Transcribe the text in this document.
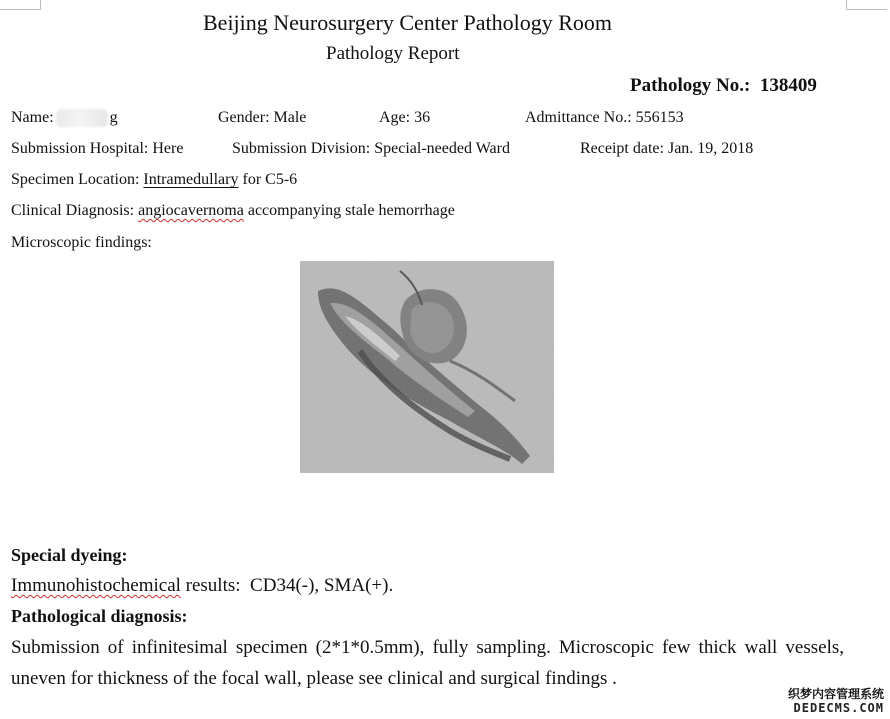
Beijing Neurosurgery Center Pathology Room
Pathology Report
Pathology No.: 138409
Name:	g	Gender: Male	Age: 36	Admittance No.: 556153
Submission Hospital: Here	Submission Division: Special-needed Ward	Receipt date: Jan. 19, 2018
Specimen Location: Intramedullary for C5-6
Clinical Diagnosis: angiocavernoma accompanying stale hemorrhage
Microscopic findings:
Special dyeing:
Immunohistochemical results: CD34(-), SMA(+).
Pathological diagnosis:
Submission of infinitesimal specimen (2*1*0.5mm), fully sampling. Microscopic few thick wall vessels, uneven for thickness of the focal wall, please see clinical and surgical findings .
织梦内容管理系统
DEDECMS.COM
